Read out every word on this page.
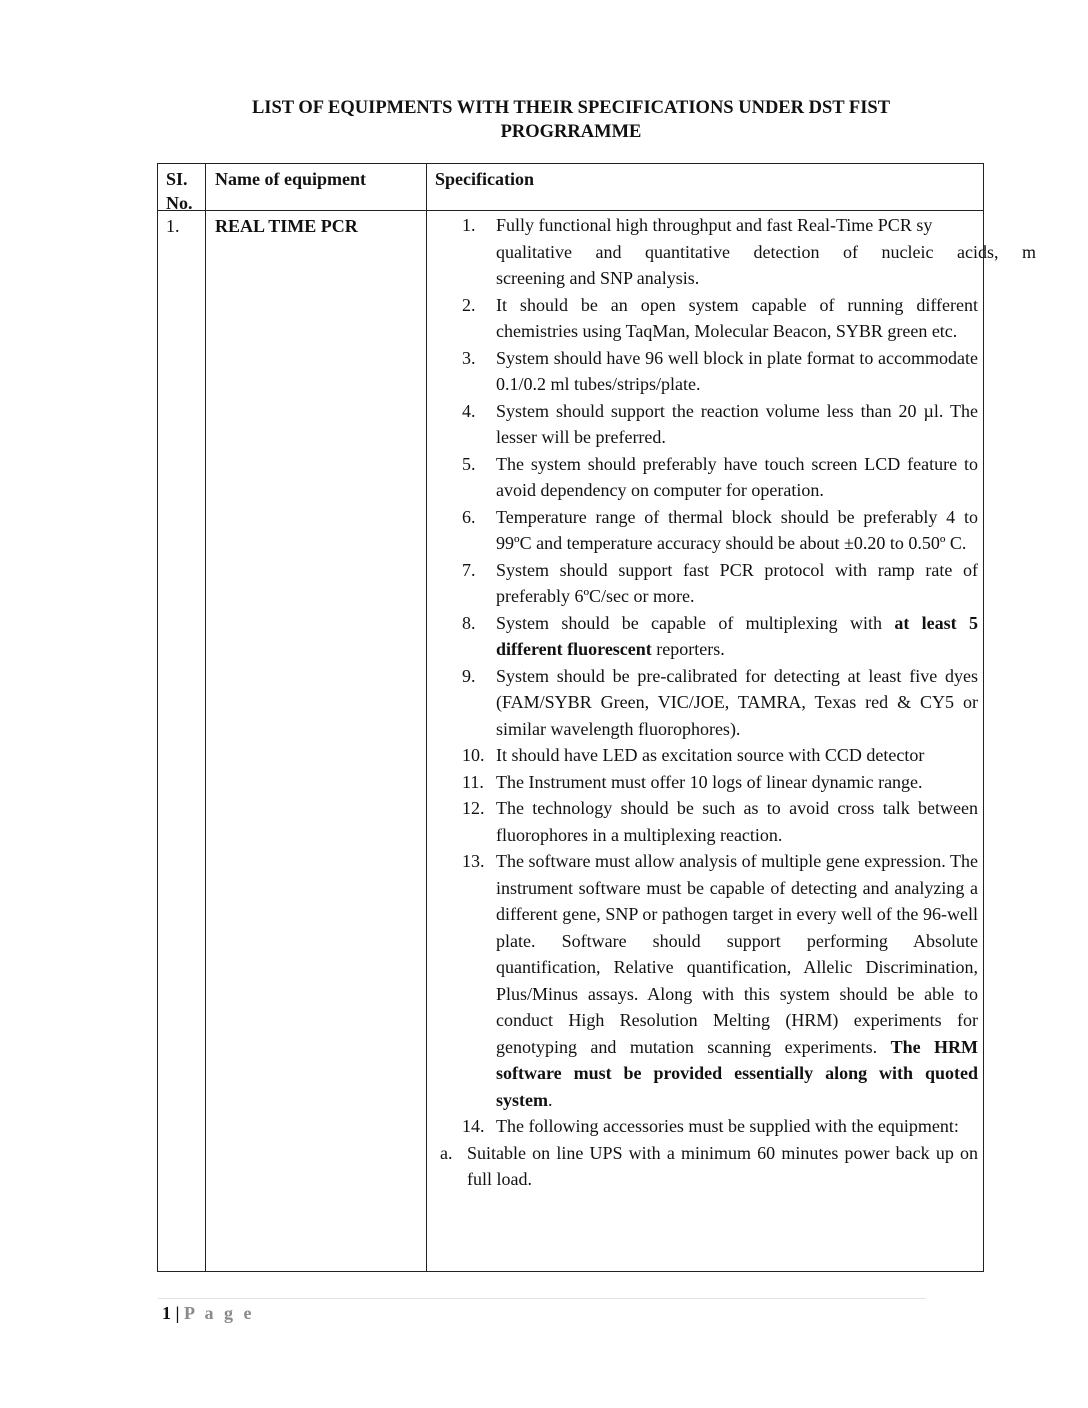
LIST OF EQUIPMENTS WITH THEIR SPECIFICATIONS UNDER DST FIST
PROGRRAMME
SI.
No.
Name of equipment	Specification
1. REAL TIME PCR	1. Fully functional high throughput and fast Real-Time PCR sy
qualitative and quantitative detection of nucleic acids, m
screening and SNP analysis.
2. It should be an open system capable of running different chemistries using TaqMan, Molecular Beacon, SYBR green etc.
3. System should have 96 well block in plate format to accommodate 0.1/0.2 ml tubes/strips/plate.
4. System should support the reaction volume less than 20 µl. The lesser will be preferred.
5. The system should preferably have touch screen LCD feature to avoid dependency on computer for operation.
6. Temperature range of thermal block should be preferably 4 to 99ºC and temperature accuracy should be about ±0.20 to 0.50º C.
7. System should support fast PCR protocol with ramp rate of preferably 6ºC/sec or more.
8. System should be capable of multiplexing with at least 5 different fluorescent reporters.
9. System should be pre-calibrated for detecting at least five dyes (FAM/SYBR Green, VIC/JOE, TAMRA, Texas red & CY5 or similar wavelength fluorophores).
10. It should have LED as excitation source with CCD detector
11. The Instrument must offer 10 logs of linear dynamic range.
12. The technology should be such as to avoid cross talk between fluorophores in a multiplexing reaction.
13. The software must allow analysis of multiple gene expression. The instrument software must be capable of detecting and analyzing a different gene, SNP or pathogen target in every well of the 96-well plate. Software should support performing Absolute quantification, Relative quantification, Allelic Discrimination, Plus/Minus assays. Along with this system should be able to conduct High Resolution Melting (HRM) experiments for genotyping and mutation scanning experiments. The HRM software must be provided essentially along with quoted system.
14. The following accessories must be supplied with the equipment:
a. Suitable on line UPS with a minimum 60 minutes power back up on full load.
1 | P a g e
